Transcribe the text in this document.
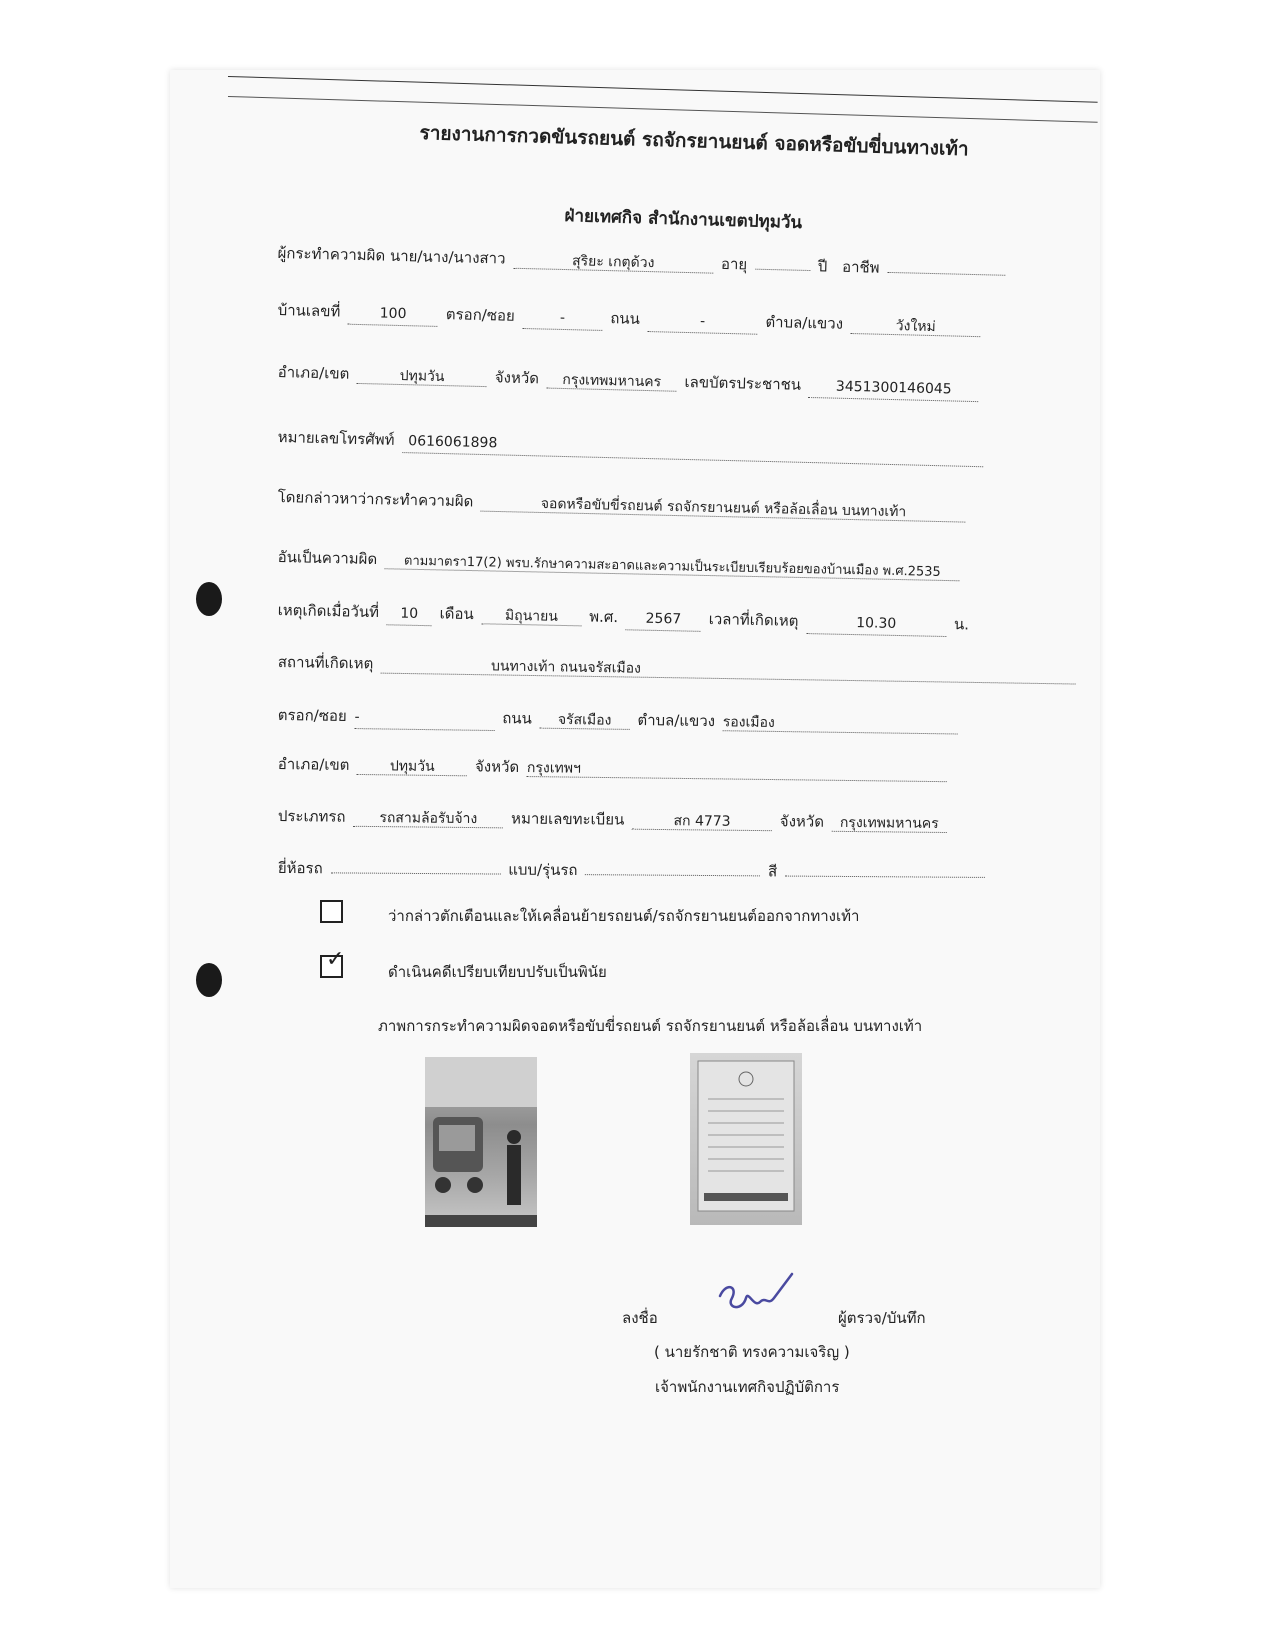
รายงานการกวดขันรถยนต์ รถจักรยานยนต์ จอดหรือขับขี่บนทางเท้า
ฝ่ายเทศกิจ สำนักงานเขตปทุมวัน
ผู้กระทำความผิด นาย/นาง/นางสาว	สุริยะ เกตุด้วง	อายุ	ปี อาชีพ
บ้านเลขที่	100	ตรอก/ซอย	-	ถนน	-	ตำบล/แขวง	วังใหม่
อำเภอ/เขต	ปทุมวัน	จังหวัด กรุงเทพมหานคร เลขบัตรประชาชน 3451300146045
หมายเลขโทรศัพท์ 0616061898
โดยกล่าวหาว่ากระทำความผิด	จอดหรือขับขี่รถยนต์ รถจักรยานยนต์ หรือล้อเลื่อน บนทางเท้า
อันเป็นความผิด ตามมาตรา17(2) พรบ.รักษาความสะอาดและความเป็นระเบียบเรียบร้อยของบ้านเมือง พ.ศ.2535
เหตุเกิดเมื่อวันที่ 10 เดือน มิถุนายน พ.ศ. 2567 เวลาที่เกิดเหตุ	10.30	น.
สถานที่เกิดเหตุ	บนทางเท้า ถนนจรัสเมือง
ตรอก/ซอย -	ถนน จรัสเมือง ตำบล/แขวง รองเมือง
อำเภอ/เขต	ปทุมวัน	จังหวัด กรุงเทพฯ
ประเภทรถ รถสามล้อรับจ้าง หมายเลขทะเบียน	สก 4773	จังหวัด กรุงเทพมหานคร
ยี่ห้อรถ	แบบ/รุ่นรถ	สี
ว่ากล่าวตักเตือนและให้เคลื่อนย้ายรถยนต์/รถจักรยานยนต์ออกจากทางเท้า
✓	ดำเนินคดีเปรียบเทียบปรับเป็นพินัย
ภาพการกระทำความผิดจอดหรือขับขี่รถยนต์ รถจักรยานยนต์ หรือล้อเลื่อน บนทางเท้า
ลงชื่อ	ผู้ตรวจ/บันทึก
( นายรักชาติ ทรงความเจริญ )
เจ้าพนักงานเทศกิจปฏิบัติการ
